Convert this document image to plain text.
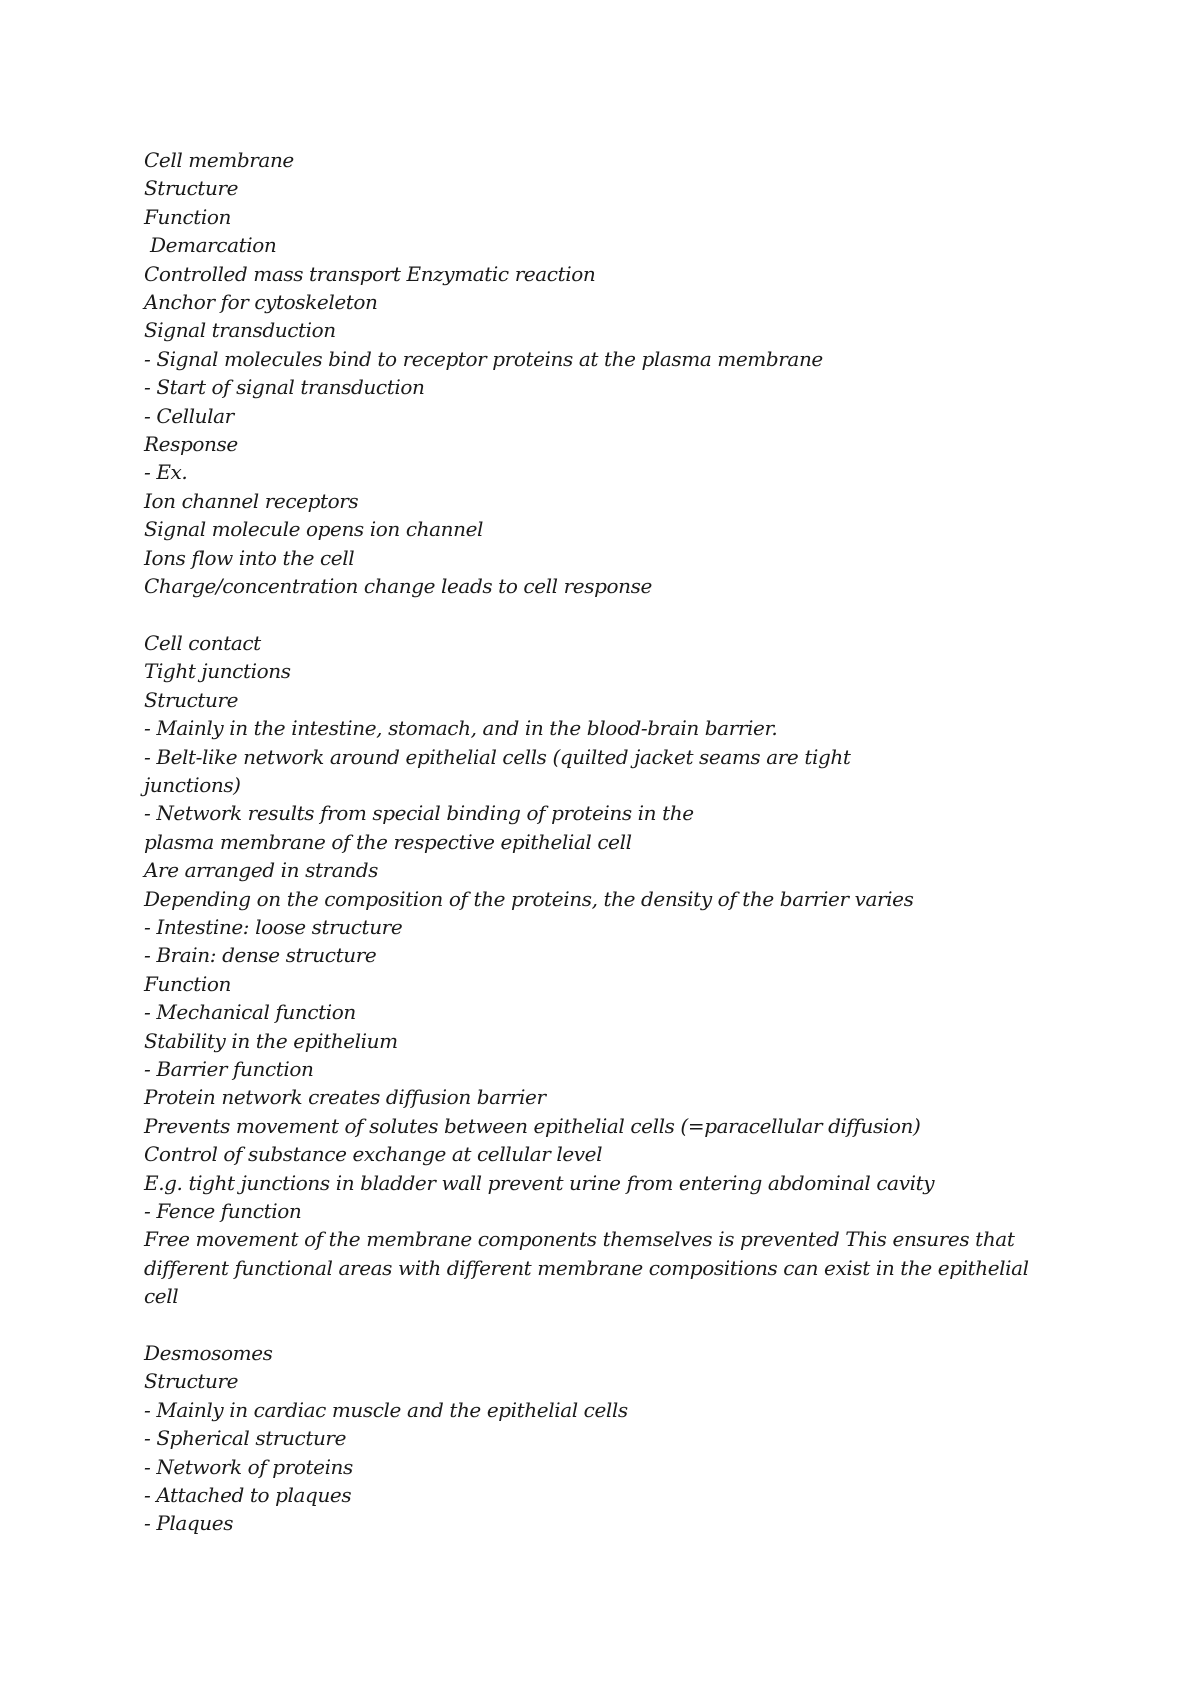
Cell membrane
Structure
Function
Demarcation
Controlled mass transport Enzymatic reaction
Anchor for cytoskeleton
Signal transduction
- Signal molecules bind to receptor proteins at the plasma membrane
- Start of signal transduction
- Cellular
Response
- Ex.
Ion channel receptors
Signal molecule opens ion channel
Ions flow into the cell
Charge/concentration change leads to cell response
Cell contact
Tight junctions
Structure
- Mainly in the intestine, stomach, and in the blood-brain barrier.
- Belt-like network around epithelial cells (quilted jacket seams are tight
junctions)
- Network results from special binding of proteins in the
plasma membrane of the respective epithelial cell
Are arranged in strands
Depending on the composition of the proteins, the density of the barrier varies
- Intestine: loose structure
- Brain: dense structure
Function
- Mechanical function
Stability in the epithelium
- Barrier function
Protein network creates diffusion barrier
Prevents movement of solutes between epithelial cells (=paracellular diffusion)
Control of substance exchange at cellular level
E.g. tight junctions in bladder wall prevent urine from entering abdominal cavity
- Fence function
Free movement of the membrane components themselves is prevented This ensures that
different functional areas with different membrane compositions can exist in the epithelial
cell
Desmosomes
Structure
- Mainly in cardiac muscle and the epithelial cells
- Spherical structure
- Network of proteins
- Attached to plaques
- Plaques
